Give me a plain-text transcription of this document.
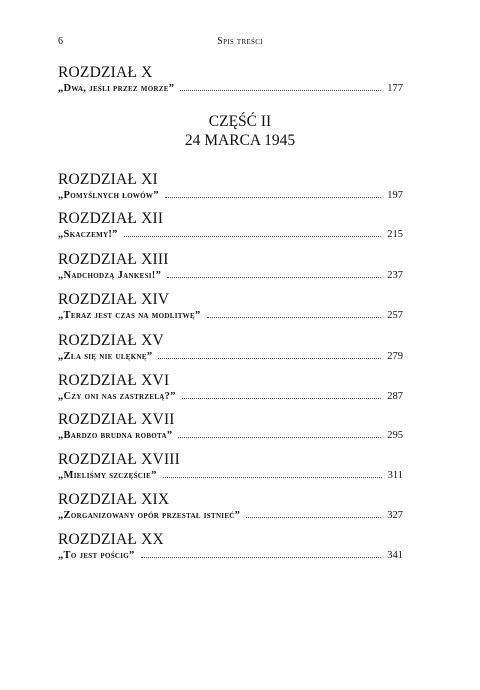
6	Spis treści
ROZDZIAŁ X
„Dwa, jeśli przez morze”	177
CZĘŚĆ II
24 MARCA 1945
ROZDZIAŁ XI
„Pomyślnych łowów”	197
ROZDZIAŁ XII
„Skaczemy!”	215
ROZDZIAŁ XIII
„Nadchodzą Jankesi!”	237
ROZDZIAŁ XIV
„Teraz jest czas na modlitwę”	257
ROZDZIAŁ XV
„Zła się nie ulęknę”	279
ROZDZIAŁ XVI
„Czy oni nas zastrzelą?”	287
ROZDZIAŁ XVII
„Bardzo brudna robota”	295
ROZDZIAŁ XVIII
„Mieliśmy szczęście”	311
ROZDZIAŁ XIX
„Zorganizowany opór przestał istnieć”	327
ROZDZIAŁ XX
„To jest pościg”	341
